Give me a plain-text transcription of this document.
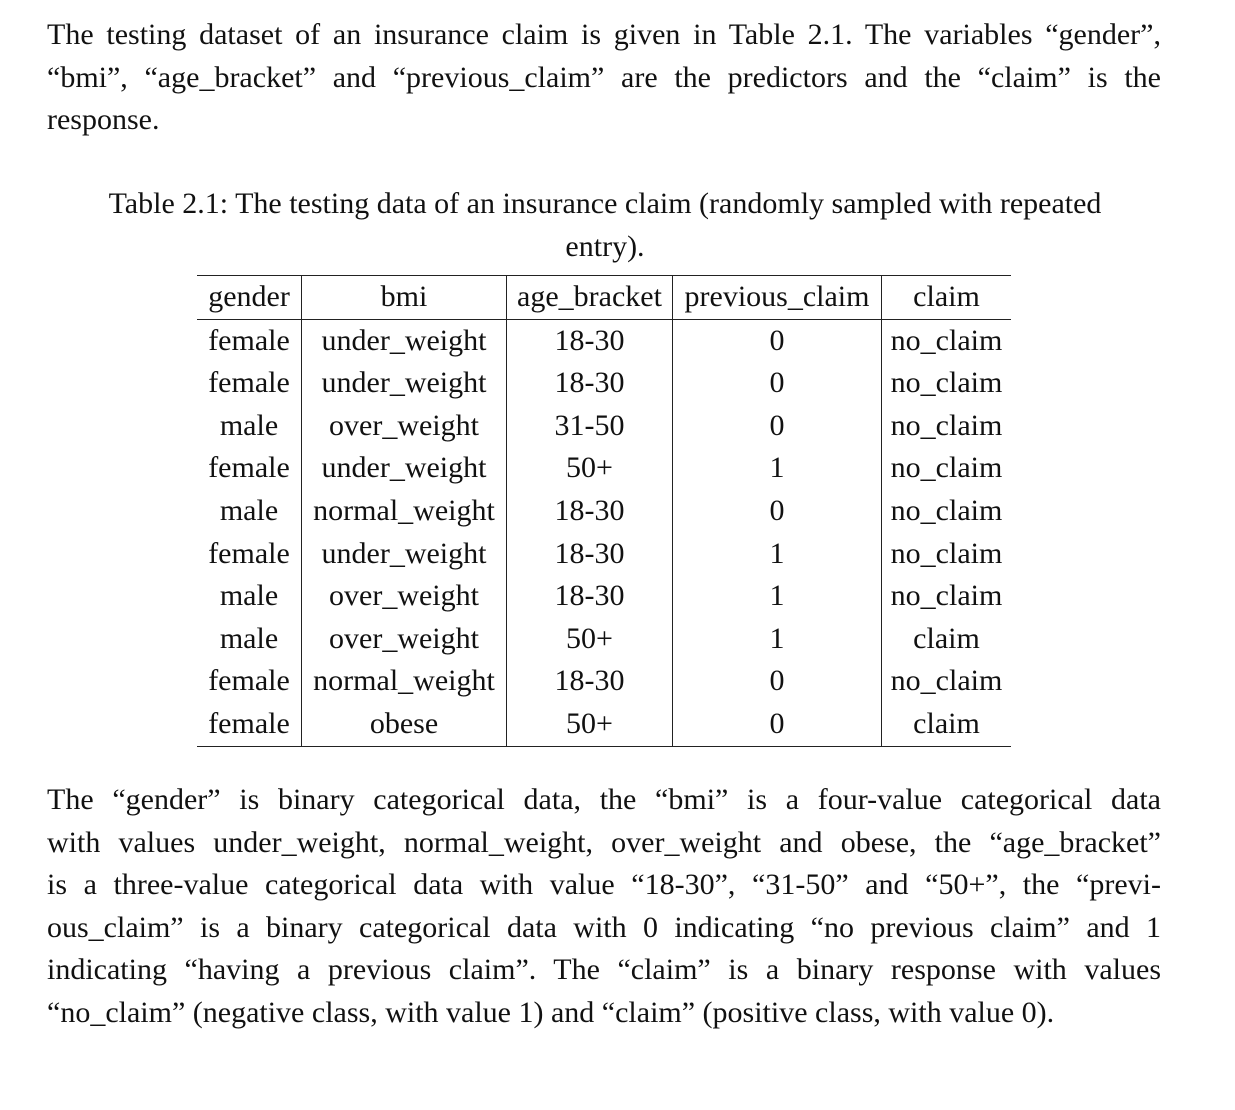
The testing dataset of an insurance claim is given in Table 2.1. The variables “gender”,
“bmi”, “age_bracket” and “previous_claim” are the predictors and the “claim” is the
response.
Table 2.1: The testing data of an insurance claim (randomly sampled with repeated
entry).
gender	bmi	age_bracket	previous_claim	claim
female	under_weight	18-30	0	no_claim
female	under_weight	18-30	0	no_claim
male	over_weight	31-50	0	no_claim
female	under_weight	50+	1	no_claim
male	normal_weight	18-30	0	no_claim
female	under_weight	18-30	1	no_claim
male	over_weight	18-30	1	no_claim
male	over_weight	50+	1	claim
female	normal_weight	18-30	0	no_claim
female	obese	50+	0	claim
The “gender” is binary categorical data, the “bmi” is a four-value categorical data
with values under_weight, normal_weight, over_weight and obese, the “age_bracket”
is a three-value categorical data with value “18-30”, “31-50” and “50+”, the “previ-
ous_claim” is a binary categorical data with 0 indicating “no previous claim” and 1
indicating “having a previous claim”. The “claim” is a binary response with values
“no_claim” (negative class, with value 1) and “claim” (positive class, with value 0).
